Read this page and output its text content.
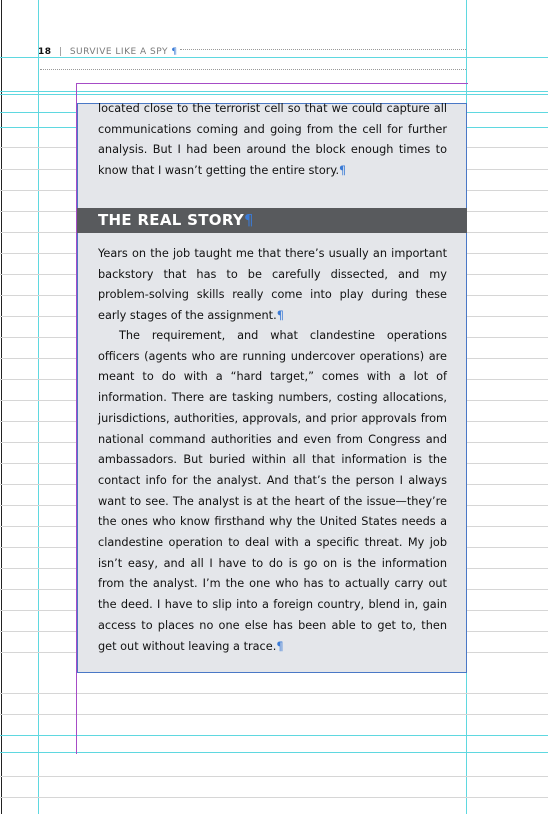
18 | SURVIVE LIKE A SPY ¶

located close to the terrorist cell so that we could capture all communications coming and going from the cell for further analysis. But I had been around the block enough times to know that I wasn’t getting the entire story.¶

THE REAL STORY¶

Years on the job taught me that there’s usually an important backstory that has to be carefully dissected, and my problem-solving skills really come into play during these early stages of the assignment.¶

The requirement, and what clandestine operations officers (agents who are running undercover operations) are meant to do with a “hard target,” comes with a lot of information. There are tasking numbers, costing allocations, jurisdictions, authorities, approvals, and prior approvals from national command authorities and even from Congress and ambassadors. But buried within all that information is the contact info for the analyst. And that’s the person I always want to see. The analyst is at the heart of the issue—they’re the ones who know firsthand why the United States needs a clandestine operation to deal with a specific threat. My job isn’t easy, and all I have to do is go on is the information from the analyst. I’m the one who has to actually carry out the deed. I have to slip into a foreign country, blend in, gain access to places no one else has been able to get to, then get out without leaving a trace.¶
